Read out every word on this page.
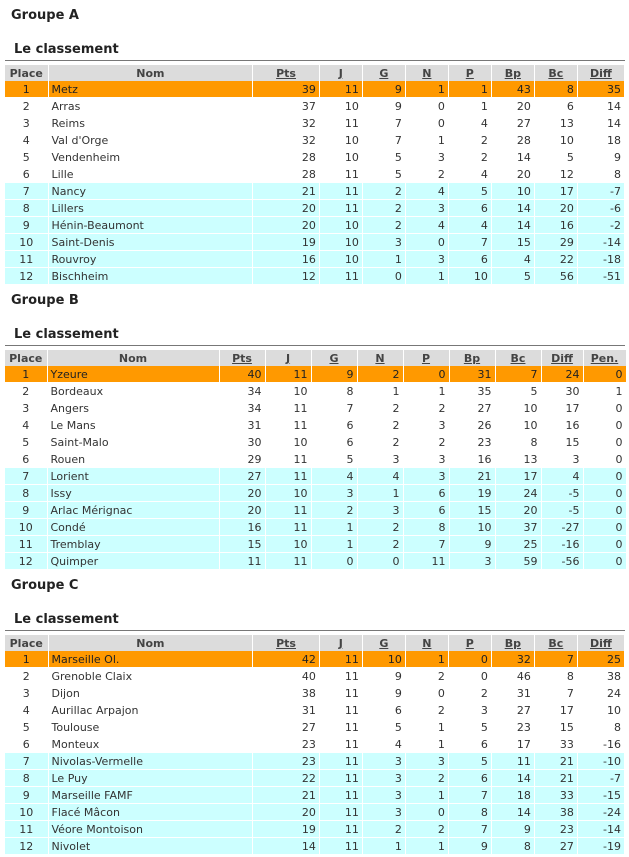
Groupe A
Le classement
Place	Nom	Pts	J	G	N	P	Bp	Bc	Diff
1	Metz	39	11	9	1	1	43	8	35
2	Arras	37	10	9	0	1	20	6	14
3	Reims	32	11	7	0	4	27	13	14
4	Val d'Orge	32	10	7	1	2	28	10	18
5	Vendenheim	28	10	5	3	2	14	5	9
6	Lille	28	11	5	2	4	20	12	8
7	Nancy	21	11	2	4	5	10	17	-7
8	Lillers	20	11	2	3	6	14	20	-6
9	Hénin-Beaumont	20	10	2	4	4	14	16	-2
10	Saint-Denis	19	10	3	0	7	15	29	-14
11	Rouvroy	16	10	1	3	6	4	22	-18
12	Bischheim	12	11	0	1	10	5	56	-51
Groupe B
Le classement
Place	Nom	Pts	J	G	N	P	Bp	Bc	Diff	Pen.
1	Yzeure	40	11	9	2	0	31	7	24	0
2	Bordeaux	34	10	8	1	1	35	5	30	1
3	Angers	34	11	7	2	2	27	10	17	0
4	Le Mans	31	11	6	2	3	26	10	16	0
5	Saint-Malo	30	10	6	2	2	23	8	15	0
6	Rouen	29	11	5	3	3	16	13	3	0
7	Lorient	27	11	4	4	3	21	17	4	0
8	Issy	20	10	3	1	6	19	24	-5	0
9	Arlac Mérignac	20	11	2	3	6	15	20	-5	0
10	Condé	16	11	1	2	8	10	37	-27	0
11	Tremblay	15	10	1	2	7	9	25	-16	0
12	Quimper	11	11	0	0	11	3	59	-56	0
Groupe C
Le classement
Place	Nom	Pts	J	G	N	P	Bp	Bc	Diff
1	Marseille Ol.	42	11	10	1	0	32	7	25
2	Grenoble Claix	40	11	9	2	0	46	8	38
3	Dijon	38	11	9	0	2	31	7	24
4	Aurillac Arpajon	31	11	6	2	3	27	17	10
5	Toulouse	27	11	5	1	5	23	15	8
6	Monteux	23	11	4	1	6	17	33	-16
7	Nivolas-Vermelle	23	11	3	3	5	11	21	-10
8	Le Puy	22	11	3	2	6	14	21	-7
9	Marseille FAMF	21	11	3	1	7	18	33	-15
10	Flacé Mâcon	20	11	3	0	8	14	38	-24
11	Véore Montoison	19	11	2	2	7	9	23	-14
12	Nivolet	14	11	1	1	9	8	27	-19
